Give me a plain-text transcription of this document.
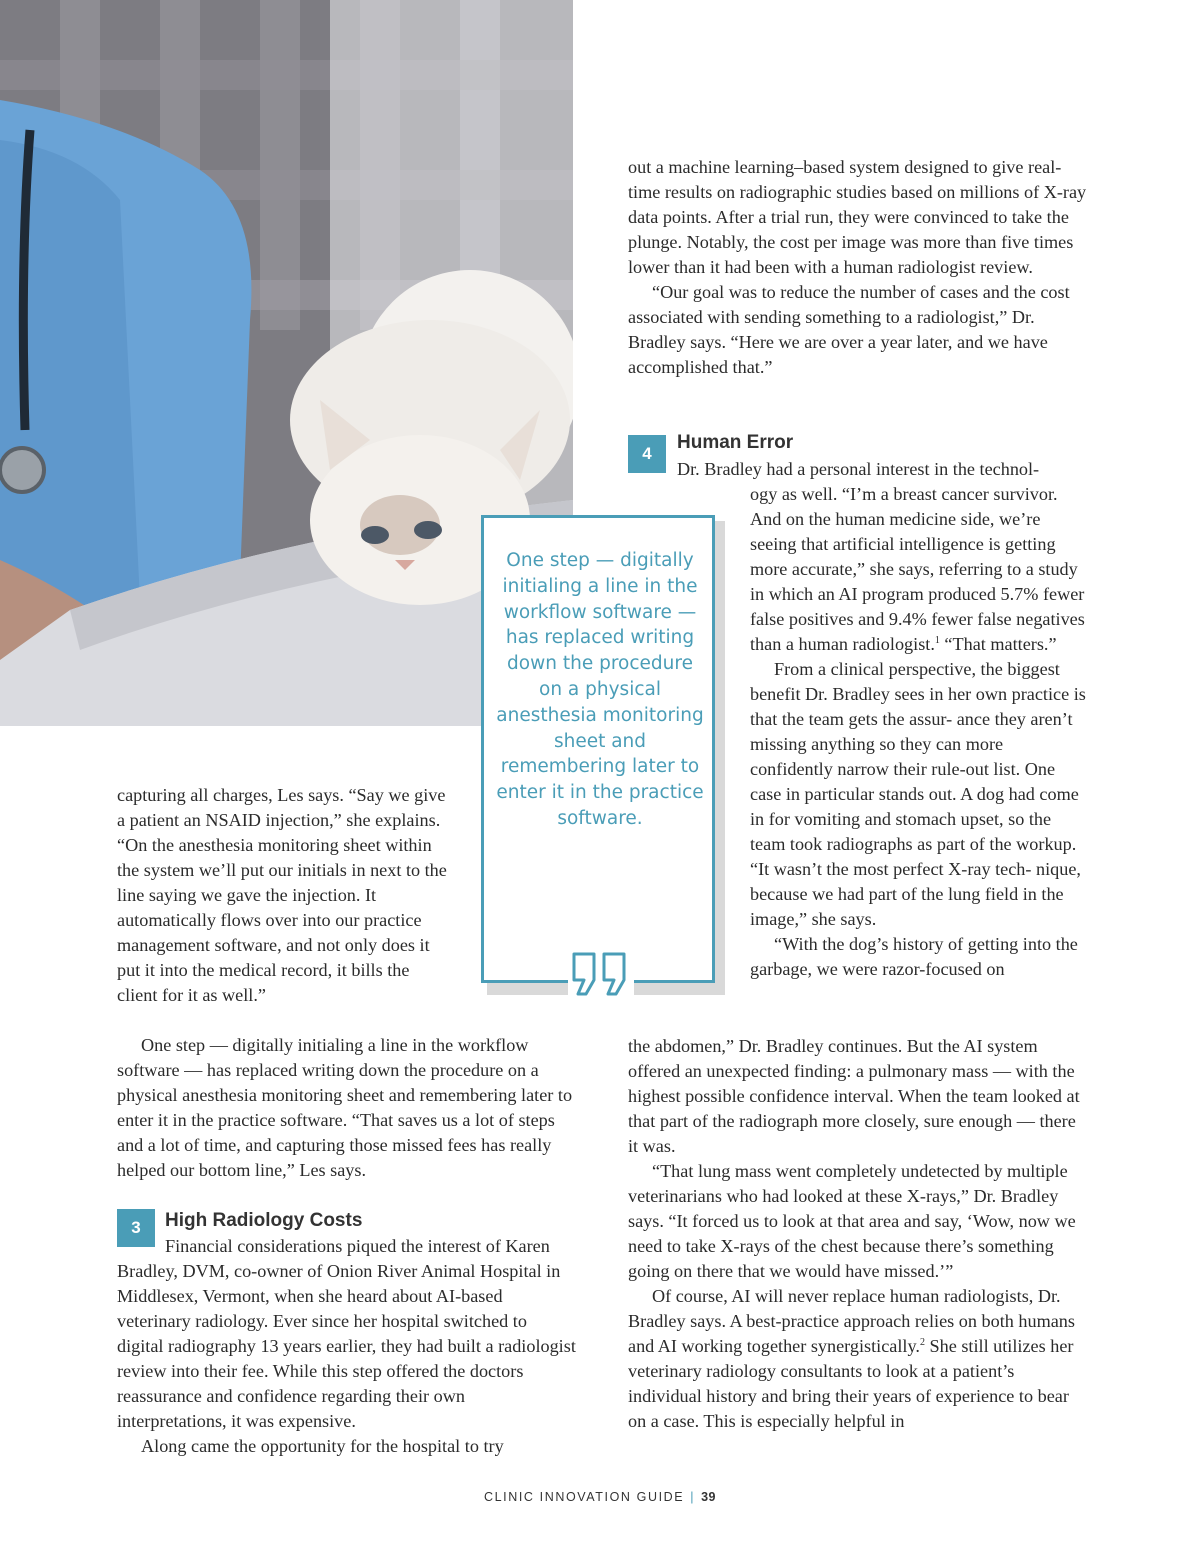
capturing all charges, Les says. “Say we give a patient an NSAID injection,” she explains. “On the anesthesia monitoring sheet within the system we’ll put our initials in next to the line saying we gave the injection. It automatically flows over into our practice management software, and not only does it put it into the medical record, it bills the client for it as well.”

One step — digitally initialing a line in the workflow software — has replaced writing down the procedure on a physical anesthesia monitoring sheet and remembering later to enter it in the practice software. “That saves us a lot of steps and a lot of time, and capturing those missed fees has really helped our bottom line,” Les says.

3	High Radiology Costs

Financial considerations piqued the interest of Karen Bradley, DVM, co-owner of Onion River Animal Hospital in Middlesex, Vermont, when she heard about AI-based veterinary radiology. Ever since her hospital switched to digital radiography 13 years earlier, they had built a radiologist review into their fee. While this step offered the doctors reassurance and confidence regarding their own interpretations, it was expensive.

Along came the opportunity for the hospital to try

out a machine learning–based system designed to give real-time results on radiographic studies based on millions of X-ray data points. After a trial run, they were convinced to take the plunge. Notably, the cost per image was more than five times lower than it had been with a human radiologist review.

“Our goal was to reduce the number of cases and the cost associated with sending something to a radiologist,” Dr. Bradley says. “Here we are over a year later, and we have accomplished that.”

4
Human Error

Dr. Bradley had a personal interest in the technol-

ogy as well. “I’m a breast cancer survivor. And on the human medicine side, we’re seeing that artificial intelligence is getting more accurate,” she says, referring to a study in which an AI program produced 5.7% fewer false positives and 9.4% fewer false negatives than a human radiologist.$^1$ “That matters.”

From a clinical perspective, the biggest benefit Dr. Bradley sees in her own practice is that the team gets the assur- ance they aren’t missing anything so they can more confidently narrow their rule-out list. One case in particular stands out. A dog had come in for vomiting and stomach upset, so the team took radiographs as part of the workup. “It wasn’t the most perfect X-ray tech- nique, because we had part of the lung field in the image,” she says.

“With the dog’s history of getting into the garbage, we were razor-focused on

the abdomen,” Dr. Bradley continues. But the AI system offered an unexpected finding: a pulmonary mass — with the highest possible confidence interval. When the team looked at that part of the radiograph more closely, sure enough — there it was.

“That lung mass went completely undetected by multiple veterinarians who had looked at these X-rays,” Dr. Bradley says. “It forced us to look at that area and say, ‘Wow, now we need to take X-rays of the chest because there’s something going on there that we would have missed.’”

Of course, AI will never replace human radiologists, Dr. Bradley says. A best-practice approach relies on both humans and AI working together synergistically.$^2$ She still utilizes her veterinary radiology consultants to look at a patient’s individual history and bring their years of experience to bear on a case. This is especially helpful in

One step — digitally initialing a line in the workflow software — has replaced writing down the procedure on a physical anesthesia monitoring sheet and remembering later to enter it in the practice software.
CLINIC INNOVATION GUIDE | 39
